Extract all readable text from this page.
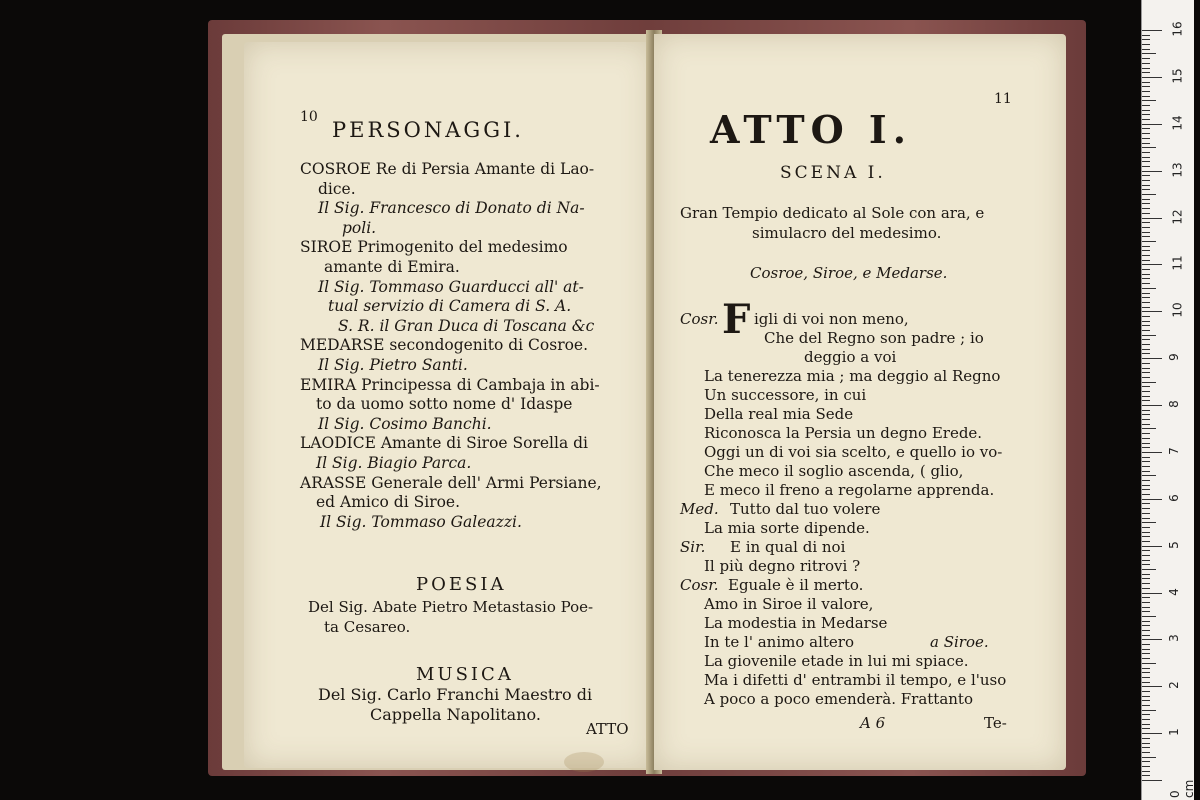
10
PERSONAGGI.
COSROE Re di Persia Amante di Lao-
dice.
Il Sig. Francesco di Donato di Na-
poli.
SIROE Primogenito del medesimo
amante di Emira.
Il Sig. Tommaso Guarducci all' at-
tual servizio di Camera di S. A.
S. R. il Gran Duca di Toscana &c
MEDARSE secondogenito di Cosroe.
Il Sig. Pietro Santi.
EMIRA Principessa di Cambaja in abi-
to da uomo sotto nome d' Idaspe
Il Sig. Cosimo Banchi.
LAODICE Amante di Siroe Sorella di
Il Sig. Biagio Parca.
ARASSE Generale dell' Armi Persiane,
ed Amico di Siroe.
Il Sig. Tommaso Galeazzi.
POESIA
Del Sig. Abate Pietro Metastasio Poe-
ta Cesareo.
MUSICA
Del Sig. Carlo Franchi Maestro di
Cappella Napolitano.
ATTO
11
ATTO I.
SCENA I.
Gran Tempio dedicato al Sole con ara, e
simulacro del medesimo.
Cosroe, Siroe, e Medarse.
F
Cosr. igli di voi non meno,
Che del Regno son padre ; io
deggio a voi
La tenerezza mia ; ma deggio al Regno
Un successore, in cui
Della real mia Sede
Riconosca la Persia un degno Erede.
Oggi un di voi sia scelto, e quello io vo-
Che meco il soglio ascenda, ( glio,
E meco il freno a regolarne apprenda.
Med. Tutto dal tuo volere
La mia sorte dipende.
Sir. E in qual di noi
Il più degno ritrovi ?
Cosr. Eguale è il merto.
Amo in Siroe il valore,
La modestia in Medarse
In te l' animo altero	a Siroe.
La giovenile etade in lui mi spiace.
Ma i difetti d' entrambi il tempo, e l'uso
A poco a poco emenderà. Frattanto
A 6	Te-
16
15
14
13
12
11
10
9
8
7
6
5
4
3
2
1
0 cm
